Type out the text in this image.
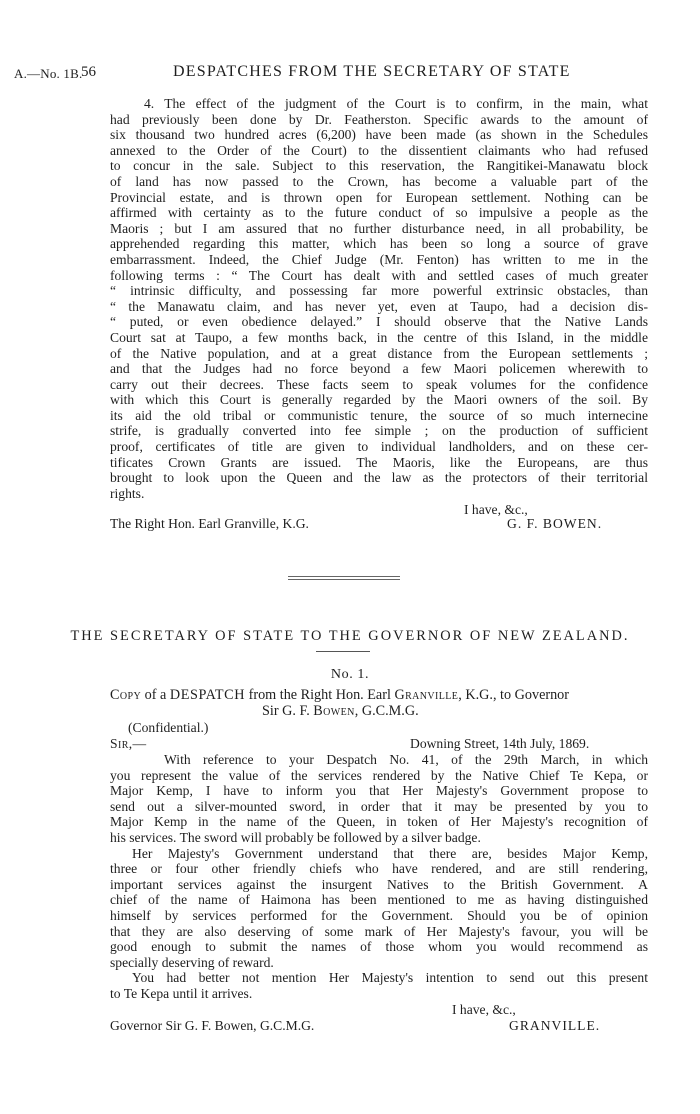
A.—No. 1B.
56	DESPATCHES FROM THE SECRETARY OF STATE
4. The effect of the judgment of the Court is to confirm, in the main, what
had previously been done by Dr. Featherston. Specific awards to the amount of
six thousand two hundred acres (6,200) have been made (as shown in the Schedules
annexed to the Order of the Court) to the dissentient claimants who had refused
to concur in the sale. Subject to this reservation, the Rangitikei-Manawatu block
of land has now passed to the Crown, has become a valuable part of the
Provincial estate, and is thrown open for European settlement. Nothing can be
affirmed with certainty as to the future conduct of so impulsive a people as the
Maoris ; but I am assured that no further disturbance need, in all probability, be
apprehended regarding this matter, which has been so long a source of grave
embarrassment. Indeed, the Chief Judge (Mr. Fenton) has written to me in the
following terms : “ The Court has dealt with and settled cases of much greater
“ intrinsic difficulty, and possessing far more powerful extrinsic obstacles, than
“ the Manawatu claim, and has never yet, even at Taupo, had a decision dis-
“ puted, or even obedience delayed.” I should observe that the Native Lands
Court sat at Taupo, a few months back, in the centre of this Island, in the middle
of the Native population, and at a great distance from the European settlements ;
and that the Judges had no force beyond a few Maori policemen wherewith to
carry out their decrees. These facts seem to speak volumes for the confidence
with which this Court is generally regarded by the Maori owners of the soil. By
its aid the old tribal or communistic tenure, the source of so much internecine
strife, is gradually converted into fee simple ; on the production of sufficient
proof, certificates of title are given to individual landholders, and on these cer-
tificates Crown Grants are issued. The Maoris, like the Europeans, are thus
brought to look upon the Queen and the law as the protectors of their territorial
rights.
I have, &c.,
The Right Hon. Earl Granville, K.G.	G. F. BOWEN.
THE SECRETARY OF STATE TO THE GOVERNOR OF NEW ZEALAND.
No. 1.
Copy of a DESPATCH from the Right Hon. Earl Granville, K.G., to Governor
Sir G. F. Bowen, G.C.M.G.
(Confidential.)
Sir,—	Downing Street, 14th July, 1869.
With reference to your Despatch No. 41, of the 29th March, in which
you represent the value of the services rendered by the Native Chief Te Kepa, or
Major Kemp, I have to inform you that Her Majesty's Government propose to
send out a silver-mounted sword, in order that it may be presented by you to
Major Kemp in the name of the Queen, in token of Her Majesty's recognition of
his services. The sword will probably be followed by a silver badge.
Her Majesty's Government understand that there are, besides Major Kemp,
three or four other friendly chiefs who have rendered, and are still rendering,
important services against the insurgent Natives to the British Government. A
chief of the name of Haimona has been mentioned to me as having distinguished
himself by services performed for the Government. Should you be of opinion
that they are also deserving of some mark of Her Majesty's favour, you will be
good enough to submit the names of those whom you would recommend as
specially deserving of reward.
You had better not mention Her Majesty's intention to send out this present
to Te Kepa until it arrives.
I have, &c.,
Governor Sir G. F. Bowen, G.C.M.G.	GRANVILLE.
